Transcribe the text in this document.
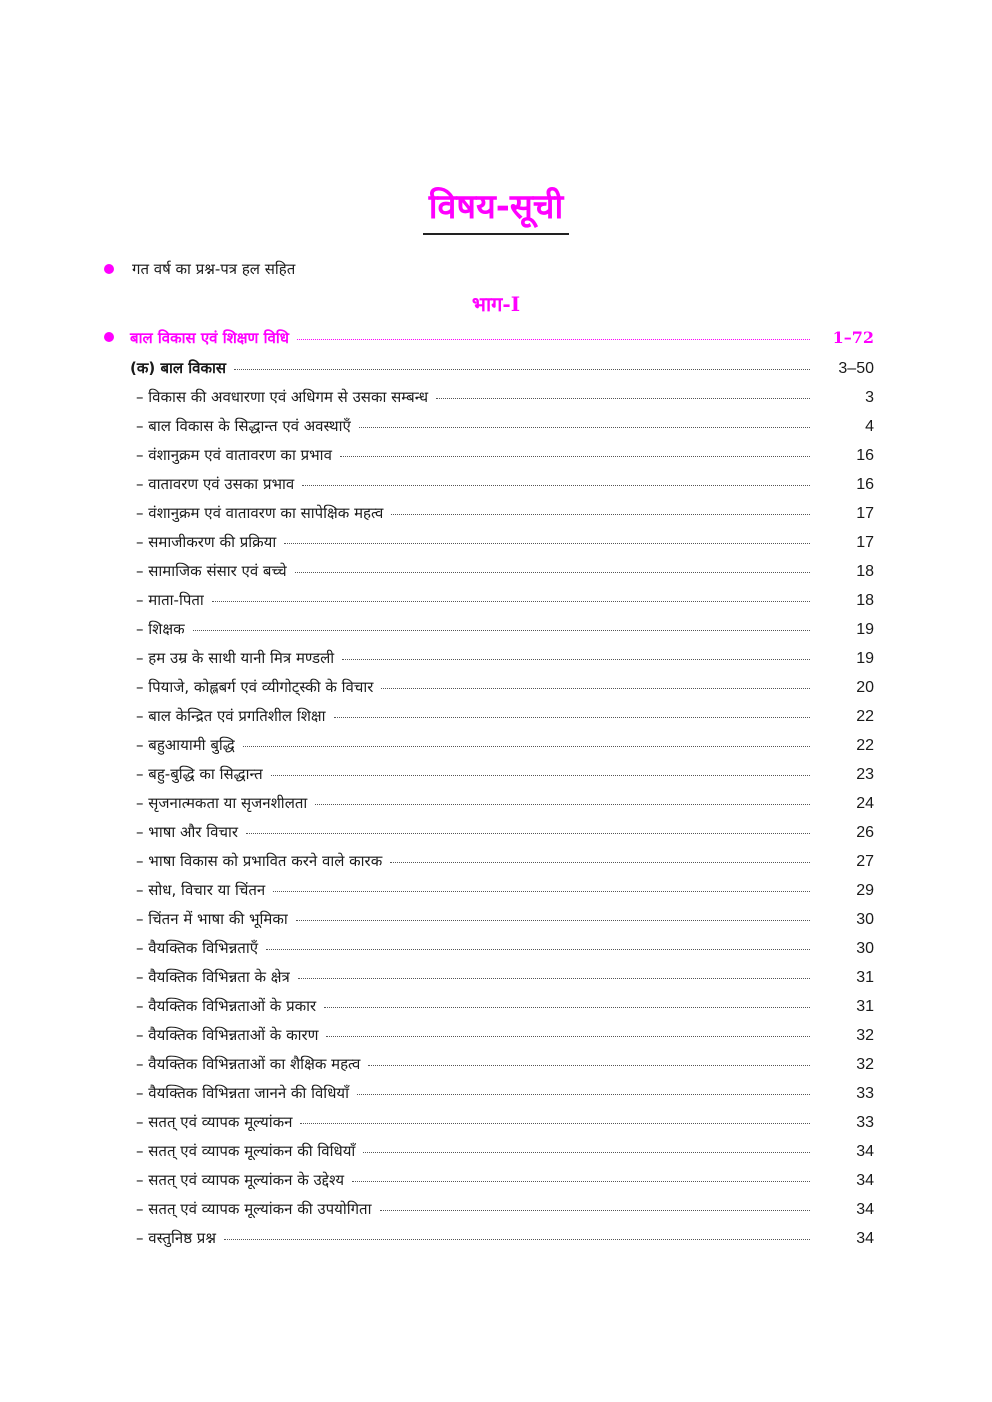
विषय-सूची
गत वर्ष का प्रश्न-पत्र हल सहित
भाग-I
बाल विकास एवं शिक्षण विधि	1–72
(क) बाल विकास	3–50
– विकास की अवधारणा एवं अधिगम से उसका सम्बन्ध	3
– बाल विकास के सिद्धान्त एवं अवस्थाएँ	4
– वंशानुक्रम एवं वातावरण का प्रभाव	16
– वातावरण एवं उसका प्रभाव	16
– वंशानुक्रम एवं वातावरण का सापेक्षिक महत्व	17
– समाजीकरण की प्रक्रिया	17
– सामाजिक संसार एवं बच्चे	18
– माता-पिता	18
– शिक्षक	19
– हम उम्र के साथी यानी मित्र मण्डली	19
– पियाजे, कोह्लबर्ग एवं व्यीगोट्स्की के विचार	20
– बाल केन्द्रित एवं प्रगतिशील शिक्षा	22
– बहुआयामी बुद्धि	22
– बहु-बुद्धि का सिद्धान्त	23
– सृजनात्मकता या सृजनशीलता	24
– भाषा और विचार	26
– भाषा विकास को प्रभावित करने वाले कारक	27
– सोध, विचार या चिंतन	29
– चिंतन में भाषा की भूमिका	30
– वैयक्तिक विभिन्नताएँ	30
– वैयक्तिक विभिन्नता के क्षेत्र	31
– वैयक्तिक विभिन्नताओं के प्रकार	31
– वैयक्तिक विभिन्नताओं के कारण	32
– वैयक्तिक विभिन्नताओं का शैक्षिक महत्व	32
– वैयक्तिक विभिन्नता जानने की विधियाँ	33
– सतत् एवं व्यापक मूल्यांकन	33
– सतत् एवं व्यापक मूल्यांकन की विधियाँ	34
– सतत् एवं व्यापक मूल्यांकन के उद्देश्य	34
– सतत् एवं व्यापक मूल्यांकन की उपयोगिता	34
– वस्तुनिष्ठ प्रश्न	34
